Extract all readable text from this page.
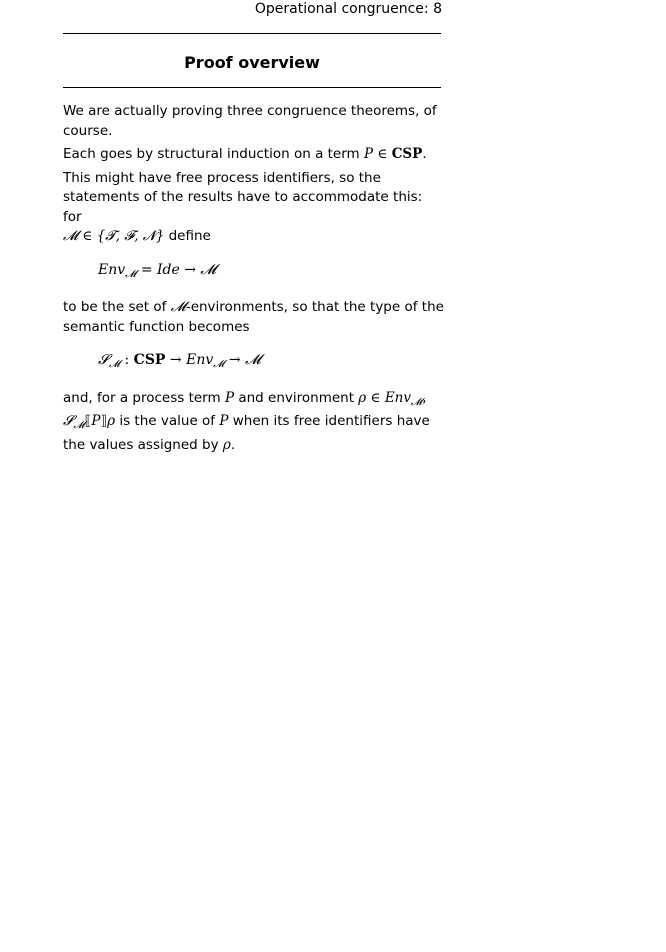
Operational congruence: 8
Proof overview

We are actually proving three congruence theorems, of course.

Each goes by structural induction on a term P ∈ CSP.

This might have free process identifiers, so the statements of the results have to accommodate this: for
𝓜 ∈ {𝓣, 𝓕, 𝓝} define

Env$_𝓜$ = Ide → 𝓜

to be the set of 𝓜-environments, so that the type of the semantic function becomes

𝓢$_𝓜$ : CSP → Env$_𝓜$ → 𝓜

and, for a process term P and environment ρ ∈ Env$_𝓜$,
𝓢$_𝓜$⟦P⟧ρ is the value of P when its free identifiers have the values assigned by ρ.
